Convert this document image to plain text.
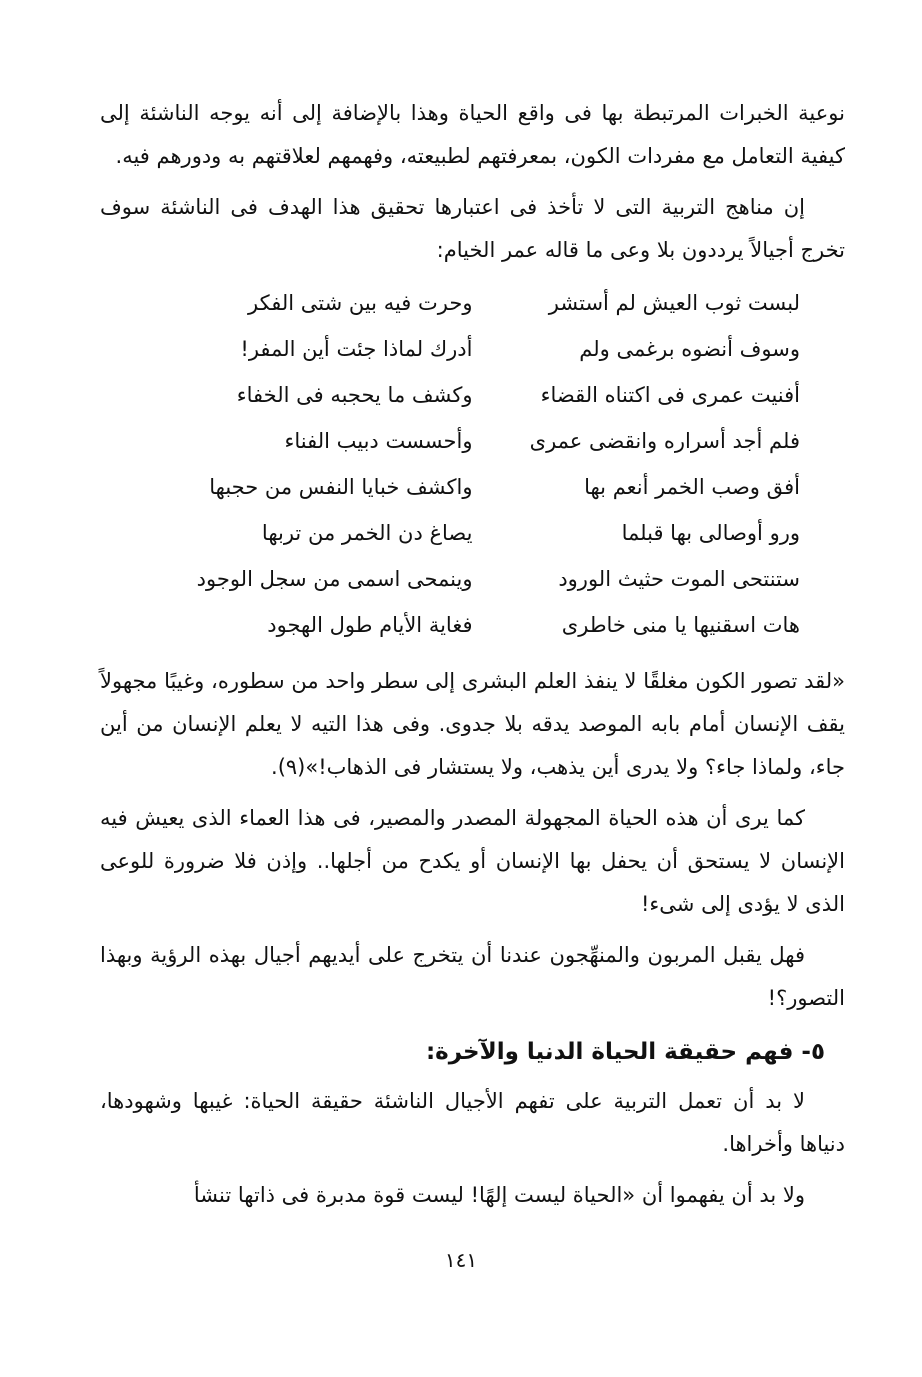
نوعية الخبرات المرتبطة بها فى واقع الحياة وهذا بالإضافة إلى أنه يوجه الناشئة إلى كيفية التعامل مع مفردات الكون، بمعرفتهم لطبيعته، وفهمهم لعلاقتهم به ودورهم فيه.

إن مناهج التربية التى لا تأخذ فى اعتبارها تحقيق هذا الهدف فى الناشئة سوف تخرج أجيالاً يرددون بلا وعى ما قاله عمر الخيام:

لبست ثوب العيش لم أستشر
وحرت فيه بين شتى الفكر
وسوف أنضوه برغمى ولم
أدرك لماذا جئت أين المفر!
أفنيت عمرى فى اكتناه القضاء
وكشف ما يحجبه فى الخفاء
فلم أجد أسراره وانقضى عمرى
وأحسست دبيب الفناء
أفق وصب الخمر أنعم بها
واكشف خبايا النفس من حجبها
ورو أوصالى بها قبلما
يصاغ دن الخمر من تربها
ستنتحى الموت حثيث الورود
وينمحى اسمى من سجل الوجود
هات اسقنيها يا منى خاطرى
فغاية الأيام طول الهجود

«لقد تصور الكون مغلقًا لا ينفذ العلم البشرى إلى سطر واحد من سطوره، وغيبًا مجهولاً يقف الإنسان أمام بابه الموصد يدقه بلا جدوى. وفى هذا التيه لا يعلم الإنسان من أين جاء، ولماذا جاء؟ ولا يدرى أين يذهب، ولا يستشار فى الذهاب!»(٩).

كما يرى أن هذه الحياة المجهولة المصدر والمصير، فى هذا العماء الذى يعيش فيه الإنسان لا يستحق أن يحفل بها الإنسان أو يكدح من أجلها.. وإذن فلا ضرورة للوعى الذى لا يؤدى إلى شىء!

فهل يقبل المربون والمنهِّجون عندنا أن يتخرج على أيديهم أجيال بهذه الرؤية وبهذا التصور؟!

٥- فهم حقيقة الحياة الدنيا والآخرة:

لا بد أن تعمل التربية على تفهم الأجيال الناشئة حقيقة الحياة: غيبها وشهودها، دنياها وأخراها.

ولا بد أن يفهموا أن «الحياة ليست إلهًا! ليست قوة مدبرة فى ذاتها تنشأ

١٤١
